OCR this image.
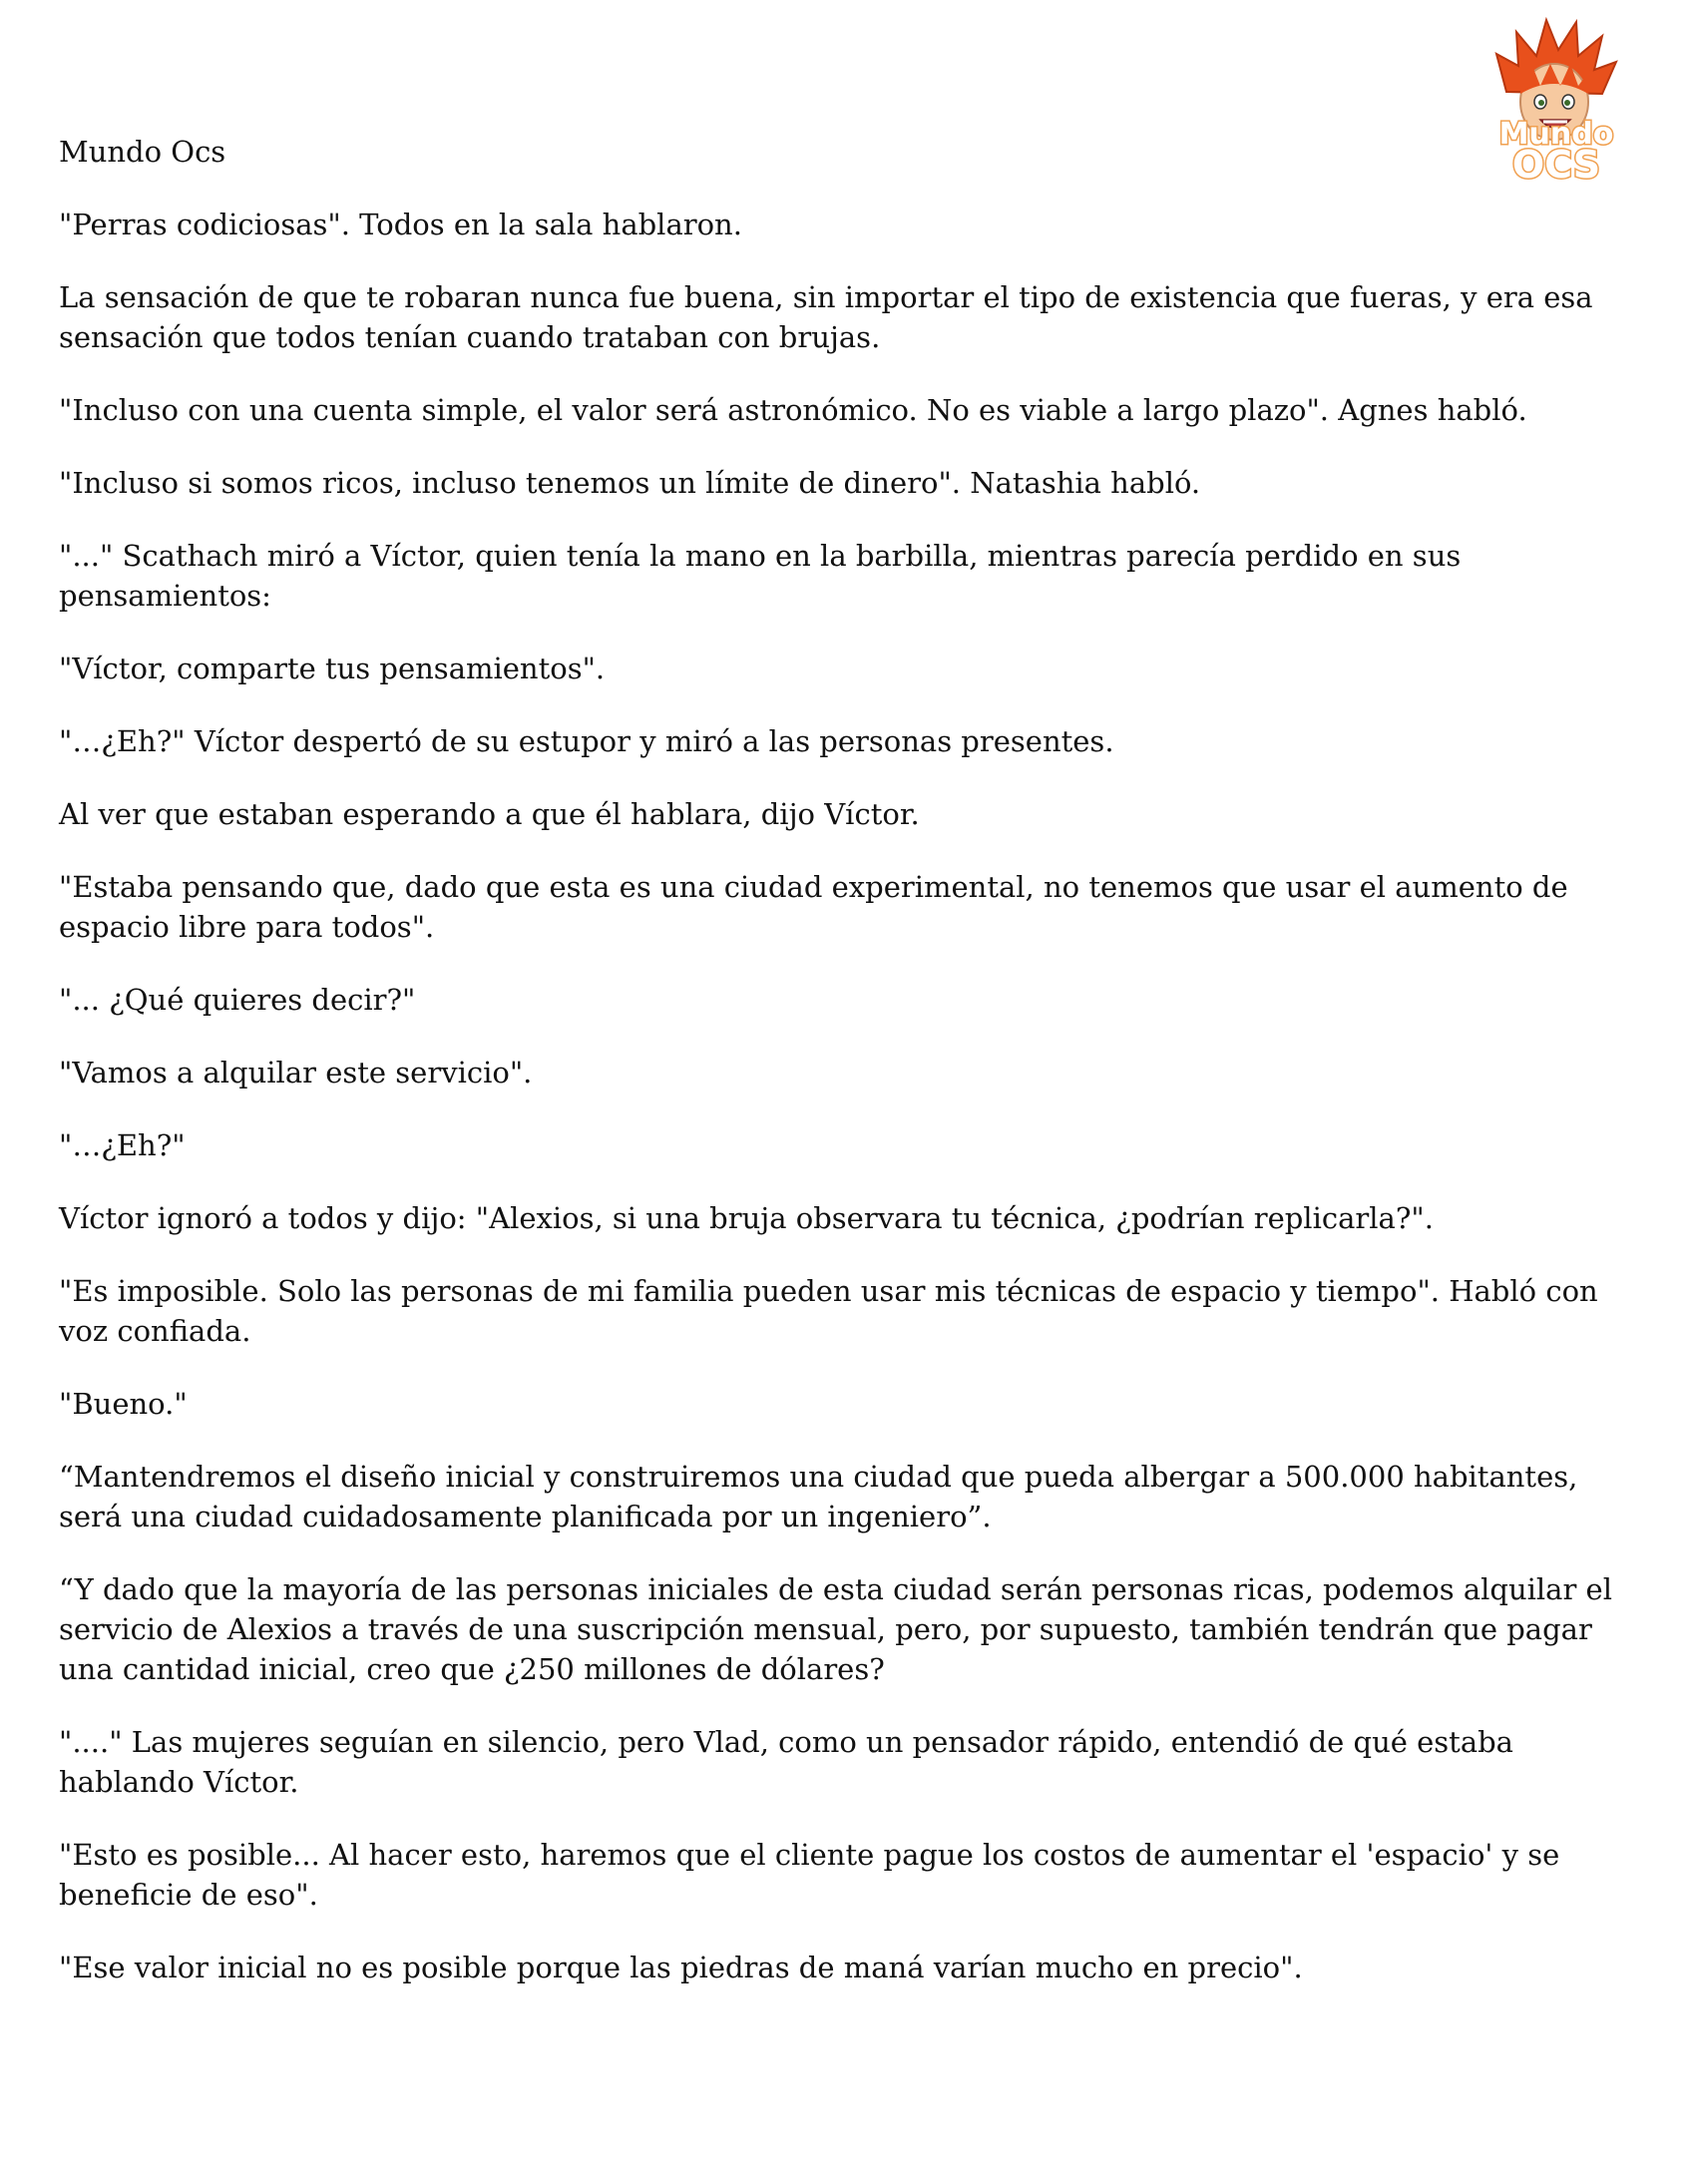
Mundo
OCS

Mundo Ocs

"Perras codiciosas". Todos en la sala hablaron.

La sensación de que te robaran nunca fue buena, sin importar el tipo de existencia que fueras, y era esa sensación que todos tenían cuando trataban con brujas.

"Incluso con una cuenta simple, el valor será astronómico. No es viable a largo plazo". Agnes habló.

"Incluso si somos ricos, incluso tenemos un límite de dinero". Natashia habló.

"..." Scathach miró a Víctor, quien tenía la mano en la barbilla, mientras parecía perdido en sus pensamientos:

"Víctor, comparte tus pensamientos".

"…¿Eh?" Víctor despertó de su estupor y miró a las personas presentes.

Al ver que estaban esperando a que él hablara, dijo Víctor.

"Estaba pensando que, dado que esta es una ciudad experimental, no tenemos que usar el aumento de espacio libre para todos".

"... ¿Qué quieres decir?"

"Vamos a alquilar este servicio".

"…¿Eh?"

Víctor ignoró a todos y dijo: "Alexios, si una bruja observara tu técnica, ¿podrían replicarla?".

"Es imposible. Solo las personas de mi familia pueden usar mis técnicas de espacio y tiempo". Habló con voz confiada.

"Bueno."

“Mantendremos el diseño inicial y construiremos una ciudad que pueda albergar a 500.000 habitantes, será una ciudad cuidadosamente planificada por un ingeniero”.

“Y dado que la mayoría de las personas iniciales de esta ciudad serán personas ricas, podemos alquilar el servicio de Alexios a través de una suscripción mensual, pero, por supuesto, también tendrán que pagar una cantidad inicial, creo que ¿250 millones de dólares?

"...." Las mujeres seguían en silencio, pero Vlad, como un pensador rápido, entendió de qué estaba hablando Víctor.

"Esto es posible... Al hacer esto, haremos que el cliente pague los costos de aumentar el 'espacio' y se beneficie de eso".

"Ese valor inicial no es posible porque las piedras de maná varían mucho en precio".
